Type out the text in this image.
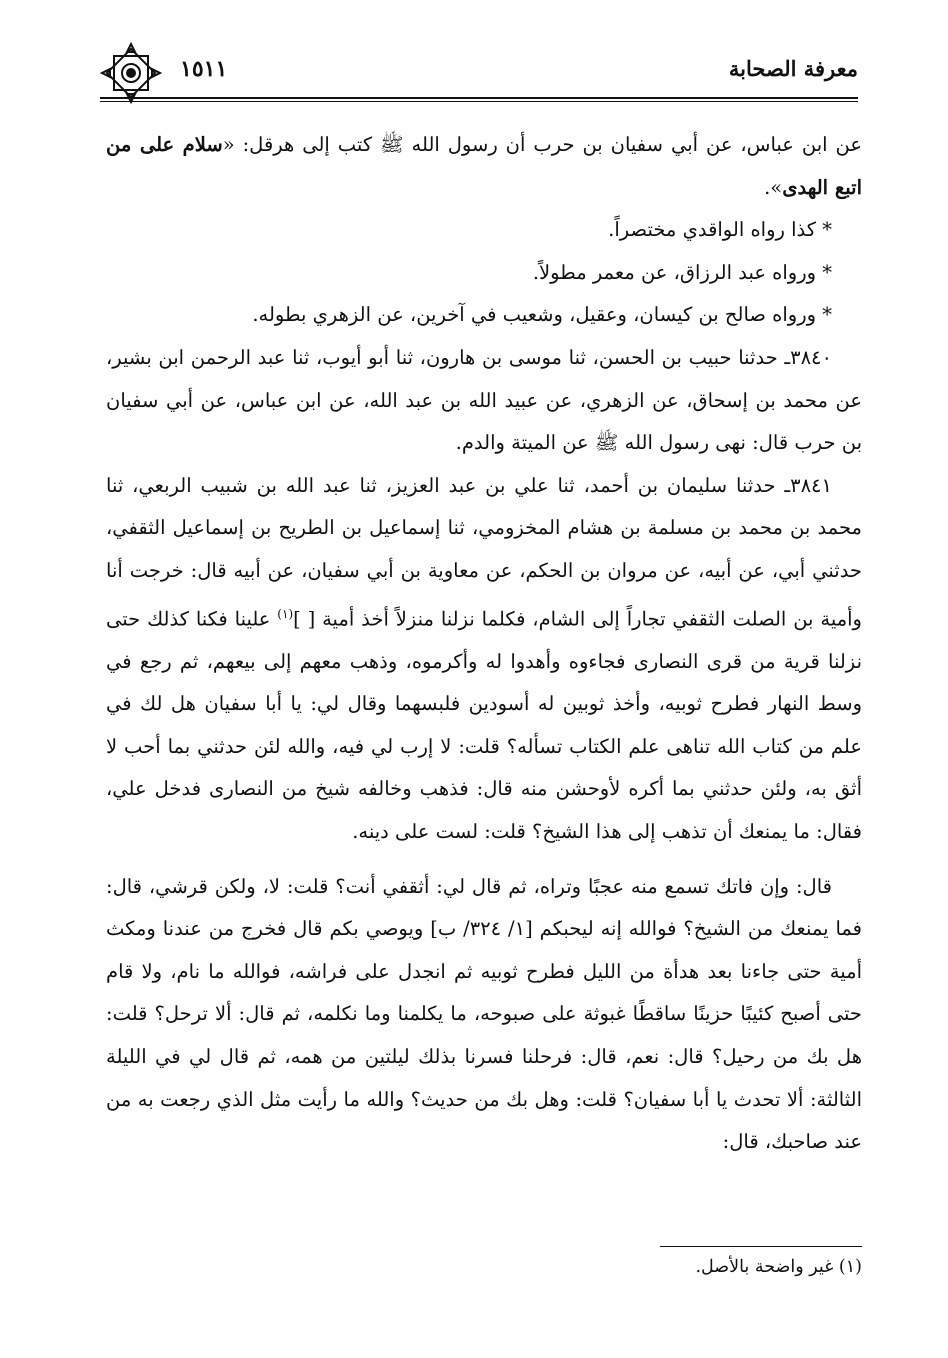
معرفة الصحابة
١٥١١

عن ابن عباس، عن أبي سفيان بن حرب أن رسول الله ﷺ كتب إلى هرقل: «سلام على من اتبع الهدى».

* كذا رواه الواقدي مختصراً.

* ورواه عبد الرزاق، عن معمر مطولاً.

* ورواه صالح بن كيسان، وعقيل، وشعيب في آخرين، عن الزهري بطوله.

٣٨٤٠ـ حدثنا حبيب بن الحسن، ثنا موسى بن هارون، ثنا أبو أيوب، ثنا عبد الرحمن ابن بشير، عن محمد بن إسحاق، عن الزهري، عن عبيد الله بن عبد الله، عن ابن عباس، عن أبي سفيان بن حرب قال: نهى رسول الله ﷺ عن الميتة والدم.

٣٨٤١ـ حدثنا سليمان بن أحمد، ثنا علي بن عبد العزيز، ثنا عبد الله بن شبيب الربعي، ثنا محمد بن محمد بن مسلمة بن هشام المخزومي، ثنا إسماعيل بن الطريح بن إسماعيل الثقفي، حدثني أبي، عن أبيه، عن مروان بن الحكم، عن معاوية بن أبي سفيان، عن أبيه قال: خرجت أنا وأمية بن الصلت الثقفي تجاراً إلى الشام، فكلما نزلنا منزلاً أخذ أمية [ ]$^{(١)}$ علينا فكنا كذلك حتى نزلنا قرية من قرى النصارى فجاءوه وأهدوا له وأكرموه، وذهب معهم إلى بيعهم، ثم رجع في وسط النهار فطرح ثوبيه، وأخذ ثوبين له أسودين فلبسهما وقال لي: يا أبا سفيان هل لك في علم من كتاب الله تناهى علم الكتاب تسأله؟ قلت: لا إرب لي فيه، والله لئن حدثني بما أحب لا أثق به، ولئن حدثني بما أكره لأوحشن منه قال: فذهب وخالفه شيخ من النصارى فدخل علي، فقال: ما يمنعك أن تذهب إلى هذا الشيخ؟ قلت: لست على دينه.

قال: وإن فاتك تسمع منه عجبًا وتراه، ثم قال لي: أثقفي أنت؟ قلت: لا، ولكن قرشي، قال: فما يمنعك من الشيخ؟ فوالله إنه ليحبكم [١/ ٣٢٤/ ب] ويوصي بكم قال فخرج من عندنا ومكث أمية حتى جاءنا بعد هدأة من الليل فطرح ثوبيه ثم انجدل على فراشه، فوالله ما نام، ولا قام حتى أصبح كئيبًا حزينًا ساقطًا غبوثة على صبوحه، ما يكلمنا وما نكلمه، ثم قال: ألا ترحل؟ قلت: هل بك من رحيل؟ قال: نعم، قال: فرحلنا فسرنا بذلك ليلتين من همه، ثم قال لي في الليلة الثالثة: ألا تحدث يا أبا سفيان؟ قلت: وهل بك من حديث؟ والله ما رأيت مثل الذي رجعت به من عند صاحبك، قال:

(١) غير واضحة بالأصل.
